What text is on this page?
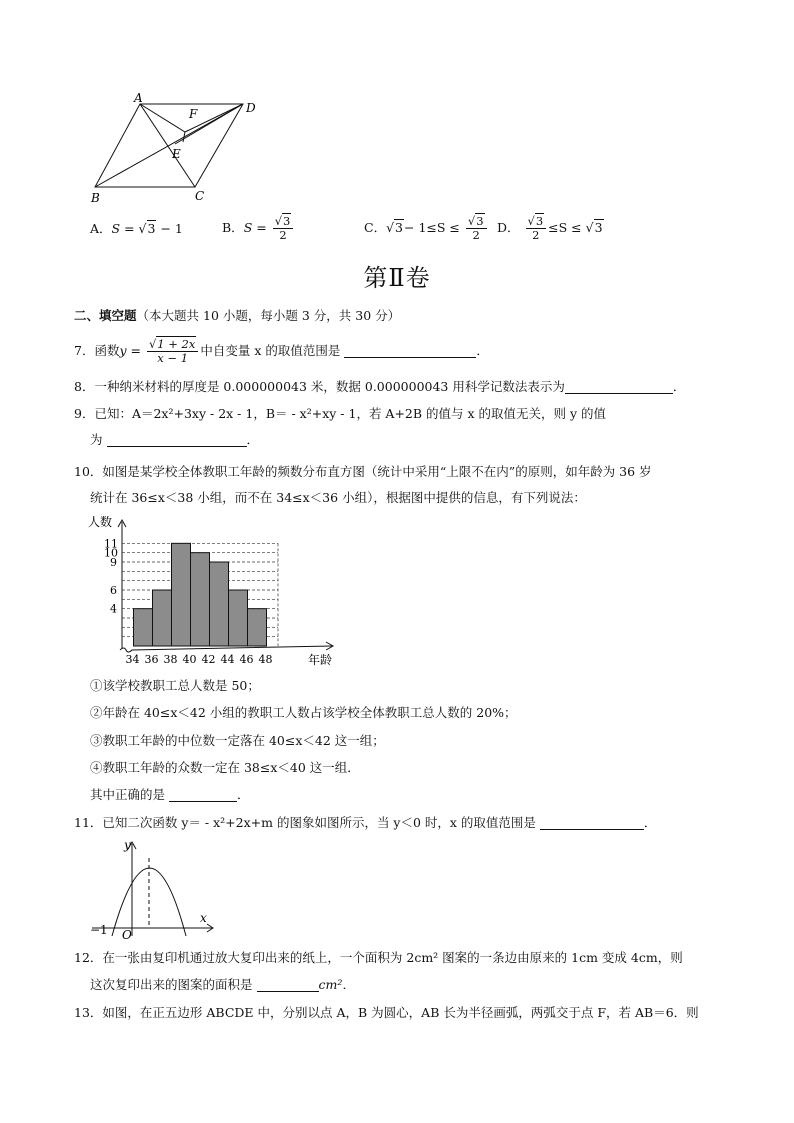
A
F	D
E
B	C
A．S = √3 − 1	B．$S = \frac{√3}{2}$	C．$√3- 1\le S \le \frac{√3}{2}$ D． $\frac{√3}{2} \le S \le √3$
第Ⅱ卷
二、填空题（本大题共 10 小题，每小题 3 分，共 30 分）
7．函数$y = \frac{√1 + 2x}{x - 1}$ 中自变量 x 的取值范围是	．
8．一种纳米材料的厚度是 0.000000043 米，数据 0.000000043 用科学记数法表示为	．
9．已知：A＝2x²+3xy - 2x - 1，B＝ - x²+xy - 1，若 A+2B 的值与 x 的取值无关，则 y 的值
为	．
10．如图是某学校全体教职工年龄的频数分布直方图（统计中采用“上限不在内”的原则，如年龄为 36 岁
统计在 36≤x＜38 小组，而不在 34≤x＜36 小组），根据图中提供的信息，有下列说法：
34 36 38 40 42 44 46 48
4
6
9
10
11
人数
年龄
①该学校教职工总人数是 50；
②年龄在 40≤x＜42 小组的教职工人数占该学校全体教职工总人数的 20%；
③教职工年龄的中位数一定落在 40≤x＜42 这一组；
④教职工年龄的众数一定在 38≤x＜40 这一组．
其中正确的是	．
11．已知二次函数 y＝ - x²+2x+m 的图象如图所示，当 y＜0 时，x 的取值范围是	．
y
x
O
−1
12．在一张由复印机通过放大复印出来的纸上，一个面积为 2cm² 图案的一条边由原来的 1cm 变成 4cm，则
这次复印出来的图案的面积是	cm²．
13．如图，在正五边形 ABCDE 中，分别以点 A，B 为圆心，AB 长为半径画弧，两弧交于点 F，若 AB＝6．则
